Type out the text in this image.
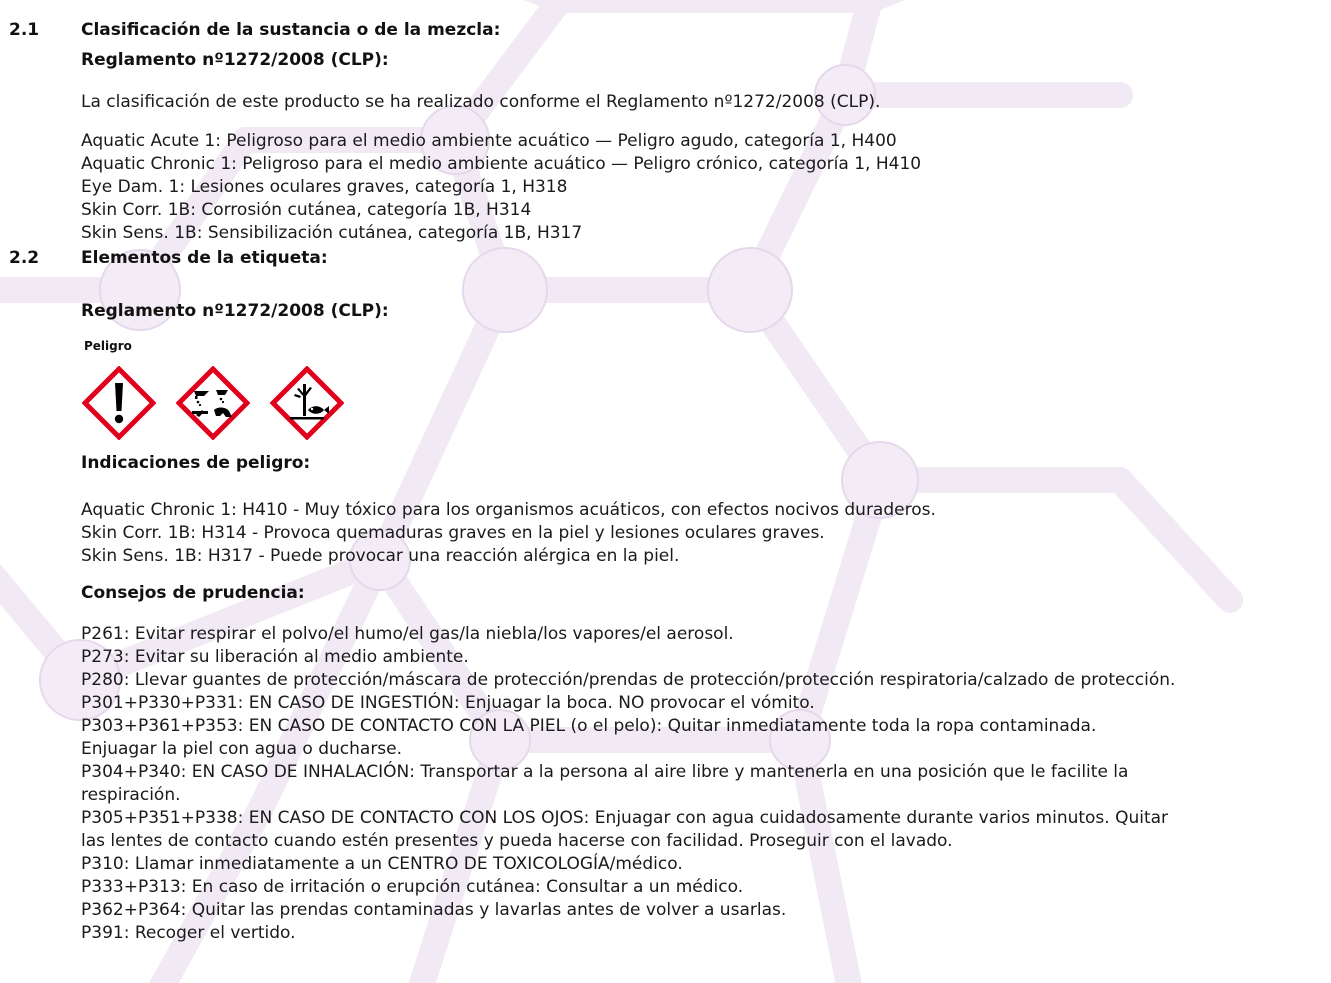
2.1 Clasificación de la sustancia o de la mezcla:
Reglamento nº1272/2008 (CLP):
La clasificación de este producto se ha realizado conforme el Reglamento nº1272/2008 (CLP).
Aquatic Acute 1: Peligroso para el medio ambiente acuático — Peligro agudo, categoría 1, H400
Aquatic Chronic 1: Peligroso para el medio ambiente acuático — Peligro crónico, categoría 1, H410
Eye Dam. 1: Lesiones oculares graves, categoría 1, H318
Skin Corr. 1B: Corrosión cutánea, categoría 1B, H314
Skin Sens. 1B: Sensibilización cutánea, categoría 1B, H317
2.2 Elementos de la etiqueta:
Reglamento nº1272/2008 (CLP):
Peligro
Indicaciones de peligro:
Aquatic Chronic 1: H410 - Muy tóxico para los organismos acuáticos, con efectos nocivos duraderos.
Skin Corr. 1B: H314 - Provoca quemaduras graves en la piel y lesiones oculares graves.
Skin Sens. 1B: H317 - Puede provocar una reacción alérgica en la piel.
Consejos de prudencia:
P261: Evitar respirar el polvo/el humo/el gas/la niebla/los vapores/el aerosol.
P273: Evitar su liberación al medio ambiente.
P280: Llevar guantes de protección/máscara de protección/prendas de protección/protección respiratoria/calzado de protección.
P301+P330+P331: EN CASO DE INGESTIÓN: Enjuagar la boca. NO provocar el vómito.
P303+P361+P353: EN CASO DE CONTACTO CON LA PIEL (o el pelo): Quitar inmediatamente toda la ropa contaminada.
Enjuagar la piel con agua o ducharse.
P304+P340: EN CASO DE INHALACIÓN: Transportar a la persona al aire libre y mantenerla en una posición que le facilite la
respiración.
P305+P351+P338: EN CASO DE CONTACTO CON LOS OJOS: Enjuagar con agua cuidadosamente durante varios minutos. Quitar
las lentes de contacto cuando estén presentes y pueda hacerse con facilidad. Proseguir con el lavado.
P310: Llamar inmediatamente a un CENTRO DE TOXICOLOGÍA/médico.
P333+P313: En caso de irritación o erupción cutánea: Consultar a un médico.
P362+P364: Quitar las prendas contaminadas y lavarlas antes de volver a usarlas.
P391: Recoger el vertido.
